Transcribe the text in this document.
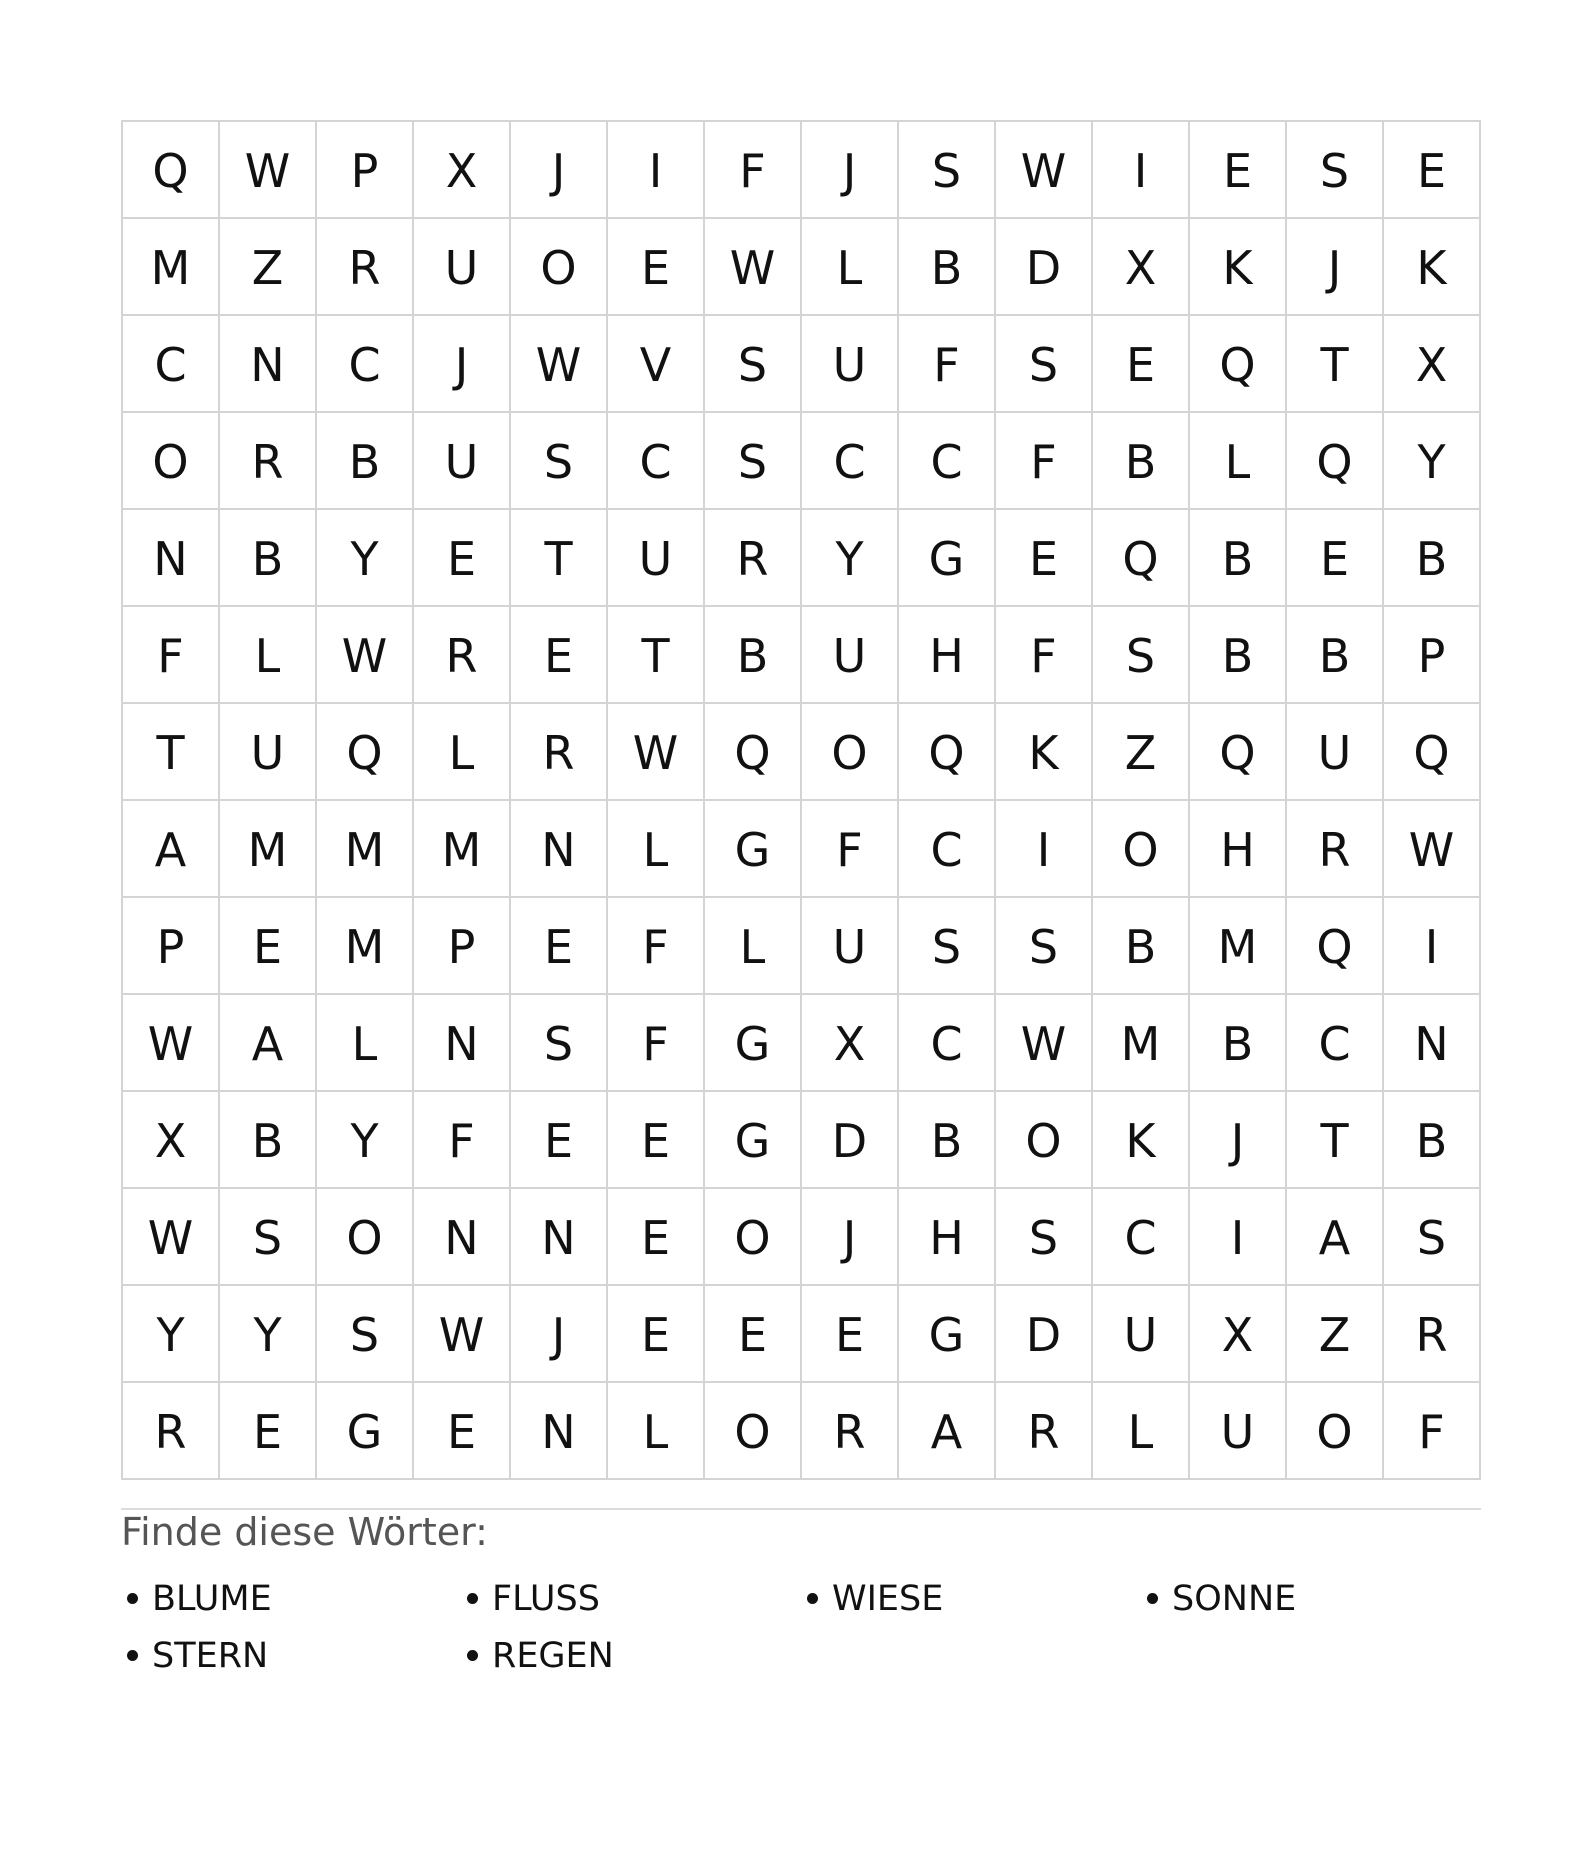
Q	W	P	X	J	I	F	J	S	W	I	E	S	E
M	Z	R	U	O	E	W	L	B	D	X	K	J	K
C	N	C	J	W	V	S	U	F	S	E	Q	T	X
O	R	B	U	S	C	S	C	C	F	B	L	Q	Y
N	B	Y	E	T	U	R	Y	G	E	Q	B	E	B
F	L	W	R	E	T	B	U	H	F	S	B	B	P
T	U	Q	L	R	W	Q	O	Q	K	Z	Q	U	Q
A	M	M	M	N	L	G	F	C	I	O	H	R	W
P	E	M	P	E	F	L	U	S	S	B	M	Q	I
W	A	L	N	S	F	G	X	C	W	M	B	C	N
X	B	Y	F	E	E	G	D	B	O	K	J	T	B
W	S	O	N	N	E	O	J	H	S	C	I	A	S
Y	Y	S	W	J	E	E	E	G	D	U	X	Z	R
R	E	G	E	N	L	O	R	A	R	L	U	O	F
Finde diese Wörter:
BLUME	FLUSS	WIESE	SONNE
STERN	REGEN
